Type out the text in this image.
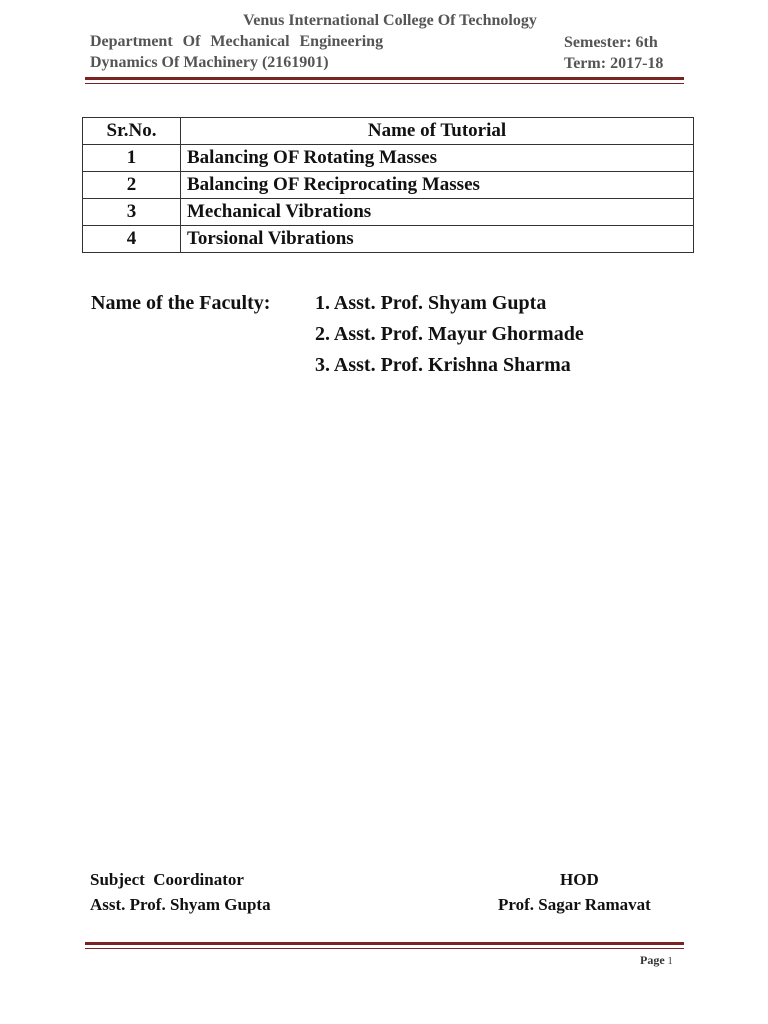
Venus International College Of Technology
Department Of Mechanical Engineering
Dynamics Of Machinery (2161901)
Semester: 6th
Term: 2017-18
Sr.No.	Name of Tutorial
1	Balancing OF Rotating Masses
2	Balancing OF Reciprocating Masses
3	Mechanical Vibrations
4	Torsional Vibrations
Name of the Faculty: 1. Asst. Prof. Shyam Gupta
2. Asst. Prof. Mayur Ghormade
3. Asst. Prof. Krishna Sharma
Subject  Coordinator
Asst. Prof. Shyam Gupta
HOD
Prof. Sagar Ramavat
Page 1
